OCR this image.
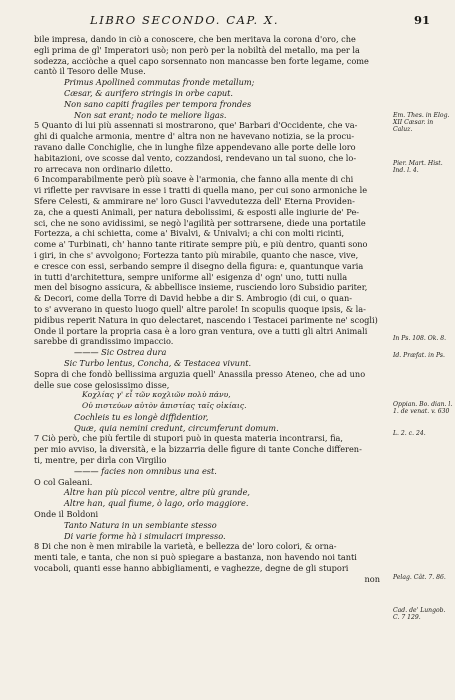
LIBRO SECONDO. CAP. X.	91
bile impresa, dando in ciò a conoscere, che ben meritava la corona d'oro, che
egli prima de gl' Imperatori usò; non però per la nobiltà del metallo, ma per la
sodezza, acciòche a quel capo sorsennato non mancasse ben forte legame, come
cantò il Tesoro delle Muse.
Primus Apollineâ commutas fronde metallum;
Cæsar, & aurifero stringis in orbe caput.
Non sano capiti fragiles per tempora frondes
Non sat erant; nodo te meliore ligas.
5 Quanto di lui più assennati si mostrarono, que' Barbari d'Occidente, che va-
ghi di qualche armonia, mentre d' altra non ne havevano notizia, se la procu-
ravano dalle Conchiglie, che in lunghe filze appendevano alle porte delle loro
habitazioni, ove scosse dal vento, cozzandosi, rendevano un tal suono, che lo-
ro arrecava non ordinario diletto.
6 Incomparabilmente però più soave è l'armonia, che fanno alla mente di chi
vi riflette per ravvisare in esse i tratti di quella mano, per cui sono armoniche le
Sfere Celesti, & ammirare ne' loro Gusci l'avvedutezza dell' Eterna Providen-
za, che a questi Animali, per natura debolissimi, & esposti alle ingiurie de' Pe-
sci, che ne sono avidissimi, se negò l'agilità per sottrarsene, diede una portatile
Fortezza, a chi schietta, come a' Bivalvi, & Univalvi; a chi con molti ricinti,
come a' Turbinati, ch' hanno tante ritirate sempre più, e più dentro, quanti sono
i giri, in che s' avvolgono; Fortezza tanto più mirabile, quanto che nasce, vive,
e cresce con essi, serbando sempre il disegno della figura: e, quantunque varia
in tutti d'architettura, sempre uniforme all' esigenza d' ogn' uno, tutti nulla
men del bisogno assicura, & abbellisce insieme, rusciendo loro Subsidio pariter,
& Decori, come della Torre di David hebbe a dir S. Ambrogio (di cui, o quan-
to s' avverano in questo luogo quell' altre parole! In scopulis quoque ipsis, & la-
pidibus reperit Natura in quo delectaret, nascendo i Testacei parimente ne' scogli)
Onde il portare la propria casa è a loro gran ventura, ove a tutti gli altri Animali
sarebbe di grandissimo impaccio.
——— Sic Ostrea dura
Sic Turbo lentus, Concha, & Testacea vivunt.
Sopra di che fondò bellissima arguzia quell' Anassila presso Ateneo, che ad uno
delle sue cose gelosissimo disse,
Κοχλίας γ' εἶ τῶν κοχλιῶν πολὺ πάνυ,
Οὐ πιστεύων αὑτὸν ἀπιστίας ταῖς οἰκίαις.
Cochleis tu es longè diffidentior,
Quæ, quia nemini credunt, circumferunt domum.
7 Ciò però, che più fertile di stupori può in questa materia incontrarsi, fia,
per mio avviso, la diversità, e la bizzarria delle figure di tante Conche differen-
ti, mentre, per dirla con Virgilio
——— facies non omnibus una est.
O col Galeani.
Altre han più piccol ventre, altre più grande,
Altre han, qual fiume, ò lago, orlo maggiore.
Onde il Boldoni
Tanto Natura in un sembiante stesso
Di varie forme hà i simulacri impresso.
8 Di che non è men mirabile la varietà, e bellezza de' loro colori, & orna-
menti tale, e tanta, che non si può spiegare a bastanza, non havendo noi tanti
vocaboli, quanti esse hanno abbigliamenti, e vaghezze, degne de gli stupori
non
Em. Thes. in Elog. XII Cæsar. in Caluz.
Pier. Mart. Hist. Ind. l. 4.
In Ps. 108. Ok. 8.
Id. Præfat. in Ps.
Oppian. Bo. dian. l. 1. de venat. v. 630
L. 2. c. 24.
Pelag. Cât. 7. 86.
Cad. de' Lungob. C. 7 129.
